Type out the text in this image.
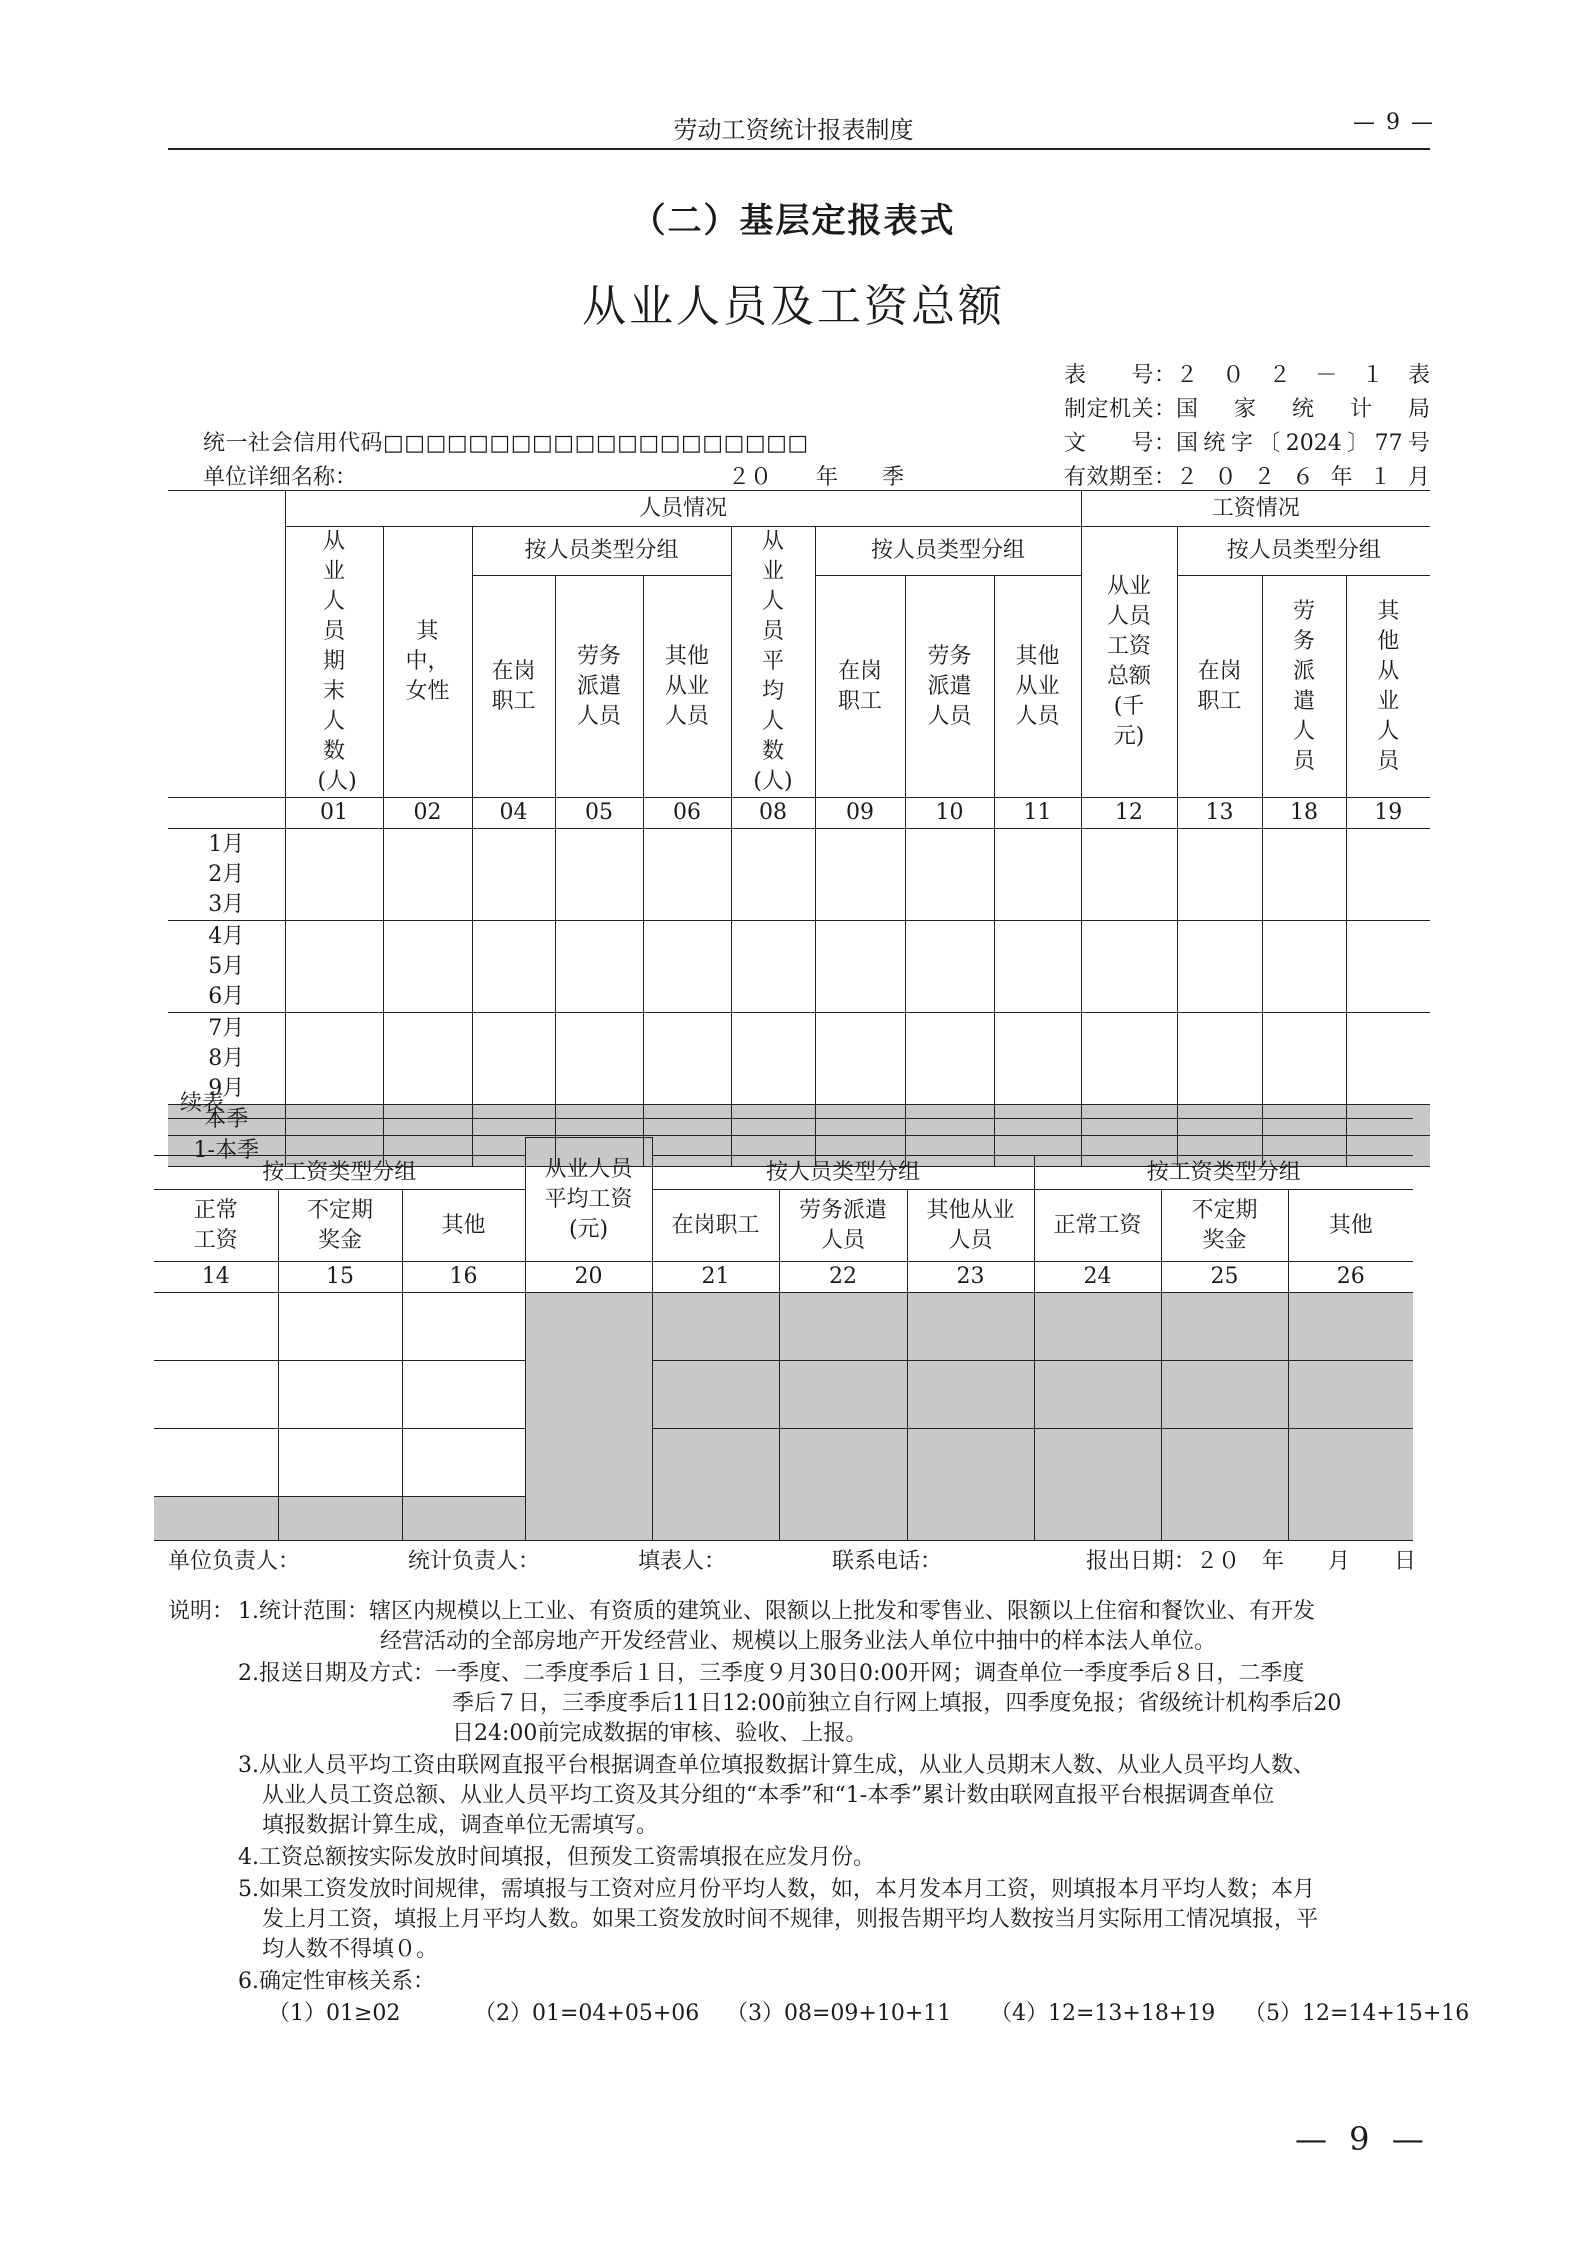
劳动工资统计报表制度	— 9 —
（二）基层定报表式
从业人员及工资总额
表　　号： ２０２－１表
制定机关： 国家统计局
文　　号： 国统字〔2024〕77号
有效期至： ２０２６年１月
统一社会信用代码□□□□□□□□□□□□□□□□□□□□
单位详细名称：	２０　　年　　季
	人员情况									工资情况			
	从业人员期末人数(人)	其中，女性	按人员类型分组			从业人员平均人数(人)	按人员类型分组			从业人员工资总额(千元)	按人员类型分组		
			在岗职工	劳务派遣人员	其他从业人员		在岗职工	劳务派遣人员	其他从业人员		在岗职工	劳务派遣人员	其他从业人员
	01	02	04	05	06	08	09	10	11	12	13	18	19
1月
2月
3月													
4月
5月
6月													
7月
8月
9月													
本季													
1-本季													
续表
			从业人员平均工资(元)						
按工资类型分组				按人员类型分组			按工资类型分组		
正常工资	不定期奖金	其他		在岗职工	劳务派遣人员	其他从业人员	正常工资	不定期奖金	其他
14	15	16	20	21	22	23	24	25	26

单位负责人：	统计负责人：	填表人：	联系电话：	报出日期：２０　年　　月　　日
说明： 1.统计范围：辖区内规模以上工业、有资质的建筑业、限额以上批发和零售业、限额以上住宿和餐饮业、有开发
经营活动的全部房地产开发经营业、规模以上服务业法人单位中抽中的样本法人单位。
2.报送日期及方式：一季度、二季度季后１日，三季度９月30日0:00开网；调查单位一季度季后８日，二季度
季后７日，三季度季后11日12:00前独立自行网上填报，四季度免报；省级统计机构季后20
日24:00前完成数据的审核、验收、上报。
3.从业人员平均工资由联网直报平台根据调查单位填报数据计算生成，从业人员期末人数、从业人员平均人数、
从业人员工资总额、从业人员平均工资及其分组的“本季”和“1-本季”累计数由联网直报平台根据调查单位
填报数据计算生成，调查单位无需填写。
4.工资总额按实际发放时间填报，但预发工资需填报在应发月份。
5.如果工资发放时间规律，需填报与工资对应月份平均人数，如，本月发本月工资，则填报本月平均人数；本月
发上月工资，填报上月平均人数。如果工资发放时间不规律，则报告期平均人数按当月实际用工情况填报，平
均人数不得填０。
6.确定性审核关系：
（1）01≥02	（2）01=04+05+06 （3）08=09+10+11 （4）12=13+18+19 （5）12=14+15+16
— 9 —
